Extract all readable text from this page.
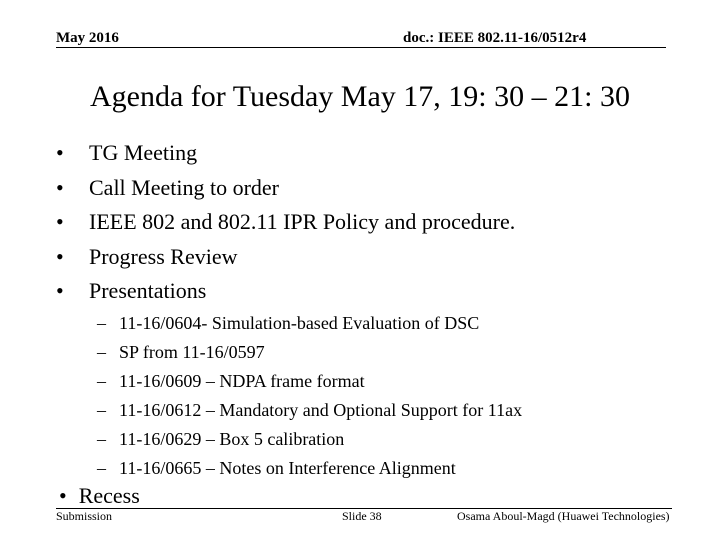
May 2016	doc.: IEEE 802.11-16/0512r4
Agenda for Tuesday May 17, 19: 30 – 21: 30
• TG Meeting
• Call Meeting to order
• IEEE 802 and 802.11 IPR Policy and procedure.
• Progress Review
• Presentations
– 11-16/0604- Simulation-based Evaluation of DSC
– SP from 11-16/0597
– 11-16/0609 – NDPA frame format
– 11-16/0612 – Mandatory and Optional Support for 11ax
– 11-16/0629 – Box 5 calibration
– 11-16/0665 – Notes on Interference Alignment
• Recess
Submission	Slide 38	Osama Aboul-Magd (Huawei Technologies)
